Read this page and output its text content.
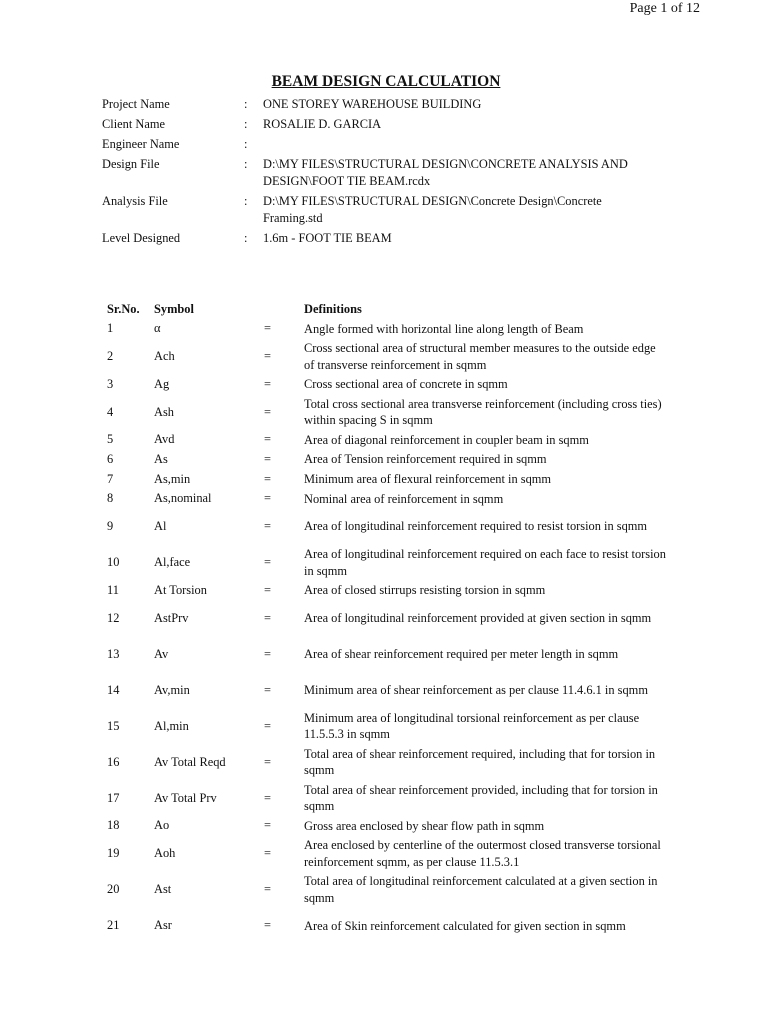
Page 1 of 12
BEAM DESIGN CALCULATION
Project Name	:	ONE STOREY WAREHOUSE BUILDING
Client Name	:	ROSALIE D. GARCIA
Engineer Name	:
Design File	:	D:\MY FILES\STRUCTURAL DESIGN\CONCRETE ANALYSIS AND DESIGN\FOOT TIE BEAM.rcdx
Analysis File	:	D:\MY FILES\STRUCTURAL DESIGN\Concrete Design\Concrete Framing.std
Level Designed	:	1.6m - FOOT TIE BEAM
Sr.No.	Symbol	Definitions
1	α	=	Angle formed with horizontal line along length of Beam
2	Ach	=
Cross sectional area of structural member measures to the outside edge of transverse reinforcement in sqmm
3	Ag	=	Cross sectional area of concrete in sqmm
4	Ash	=
Total cross sectional area transverse reinforcement (including cross ties) within spacing S in sqmm
5	Avd	=	Area of diagonal reinforcement in coupler beam in sqmm
6	As	=	Area of Tension reinforcement required in sqmm
7	As,min	=	Minimum area of flexural reinforcement in sqmm
8	As,nominal	=	Nominal area of reinforcement in sqmm
9	Al	=	Area of longitudinal reinforcement required to resist torsion in sqmm
10	Al,face	=
Area of longitudinal reinforcement required on each face to resist torsion in sqmm
11	At Torsion	=	Area of closed stirrups resisting torsion in sqmm
12	AstPrv	=	Area of longitudinal reinforcement provided at given section in sqmm
13	Av	=	Area of shear reinforcement required per meter length in sqmm
14	Av,min	=	Minimum area of shear reinforcement as per clause 11.4.6.1 in sqmm
15	Al,min	=
Minimum area of longitudinal torsional reinforcement as per clause 11.5.5.3 in sqmm
16	Av Total Reqd	=
Total area of shear reinforcement required, including that for torsion in sqmm
17	Av Total Prv	=
Total area of shear reinforcement provided, including that for torsion in sqmm
18	Ao	=	Gross area enclosed by shear flow path in sqmm
19	Aoh	=
Area enclosed by centerline of the outermost closed transverse torsional reinforcement sqmm, as per clause 11.5.3.1
20	Ast	=
Total area of longitudinal reinforcement calculated at a given section in sqmm
21	Asr	=	Area of Skin reinforcement calculated for given section in sqmm
